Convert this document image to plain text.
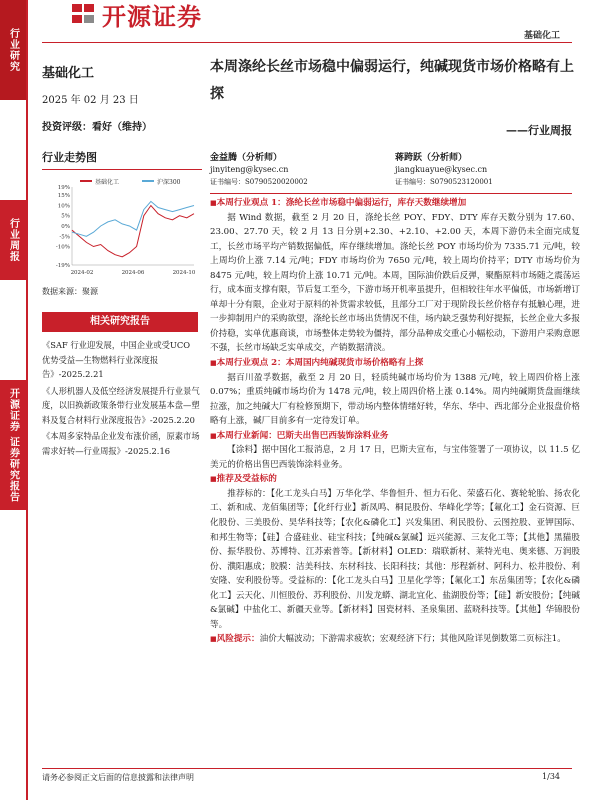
行业研究
行业周报
开源证券 证券研究报告
开源证券
基础化工
基础化工
2025 年 02 月 23 日
投资评级：看好（维持）
行业走势图
基础化工	沪深300
-19%
-10%
-5%
0%
5%
10%
15%
19%
2024-02	2024-06	2024-10
数据来源：聚源
相关研究报告
《SAF 行业迎发展，中国企业或受UCO 优势受益—生物燃料行业深度报告》-2025.2.21
《人形机器人及低空经济发展提升行业景气度，以旧换新政策条带行业发展基本盘—塑料及复合材料行业深度报告》-2025.2.20
《本周多家特品企业发布涨价函，原素市场需求好转—行业周报》-2025.2.16
本周涤纶长丝市场稳中偏弱运行，纯碱现货市场价格略有上探
——行业周报
金益腾（分析师）
jinyiteng@kysec.cn
证书编号：S0790520020002
蒋跨跃（分析师）
jiangkuayue@kysec.cn
证书编号：S0790523120001
■ 本周行业观点 1：涤纶长丝市场稳中偏弱运行，库存天数继续增加
据 Wind 数据，截至 2 月 20 日，涤纶长丝 POY、FDY、DTY 库存天数分别为 17.60、23.00、27.70 天，较 2 月 13 日分别+2.30、+2.10、+2.00 天，本周下游仍未全面完成复工，长丝市场平均产销数据偏低，库存继续增加。涤纶长丝 POY 市场均价为 7335.71 元/吨，较上周均价上涨 7.14 元/吨；FDY 市场均价为 7650 元/吨，较上周均价持平；DTY 市场均价为 8475 元/吨，较上周均价上涨 10.71 元/吨。本周，国际油价跌后反弹，聚酯原料市场随之震荡运行，成本面支撑有限，节后复工至今，下游市场开机率虽提升，但相较往年水平偏低，市场新增订单却十分有限，企业对于原料的补货需求较低，且部分工厂对于现阶段长丝价格存有抵触心理，进一步抑制用户的采购欲望，涤纶长丝市场出货情况不佳，场内缺乏强势利好提振，长丝企业大多报价持稳，实单优惠商谈，市场整体走势较为僵持，部分品种成交重心小幅松动，下游用户采购意愿不强，长丝市场缺乏实单成交，产销数据清淡。
■ 本周行业观点 2：本周国内纯碱现货市场价格略有上探
据百川盈孚数据，截至 2 月 20 日，轻质纯碱市场均价为 1388 元/吨，较上周四价格上涨 0.07%；重质纯碱市场均价为 1478 元/吨，较上周四价格上涨 0.14%。周内纯碱期货盘面继续拉涨，加之纯碱大厂有检修预期下，带动场内整体情绪好转，华东、华中、西北部分企业报盘价格略有上涨，碱厂目前多有一定待发订单。
■ 本周行业新闻：巴斯夫出售巴西装饰涂料业务
【涂料】据中国化工报消息，2 月 17 日，巴斯夫宣布，与宝伟签署了一项协议，以 11.5 亿美元的价格出售巴西装饰涂料业务。
■ 推荐及受益标的
推荐标的：【化工龙头白马】万华化学、华鲁恒升、恒力石化、荣盛石化、赛轮轮胎、扬农化工、新和成、龙佰集团等；【化纤行业】新凤鸣、桐昆股份、华峰化学等；【氟化工】金石资源、巨化股份、三美股份、昊华科技等；【农化&磷化工】兴发集团、利民股份、云图控股、亚钾国际、和邦生物等；【硅】合盛硅业、硅宝科技；【纯碱&氯碱】远兴能源、三友化工等；【其他】黑猫股份、振华股份、苏博特、江苏索普等。【新材料】OLED：瑞联新材、莱特光电、奥来德、万润股份、濮阳惠成；胶膜：洁美科技、东材科技、长阳科技；其他：彤程新材、阿科力、松井股份、利安隆、安利股份等。受益标的：【化工龙头白马】卫星化学等；【氟化工】东岳集团等；【农化&磷化工】云天化、川恒股份、苏利股份、川发龙蟒、湖北宜化、盐湖股份等；【硅】新安股份；【纯碱&氯碱】中盐化工、新疆天业等。【新材料】国瓷材料、圣泉集团、蓝晓科技等。【其他】华锦股份等。
■ 风险提示：油价大幅波动；下游需求疲软；宏观经济下行；其他风险详见倒数第二页标注1。
请务必参阅正文后面的信息披露和法律声明	1/34
